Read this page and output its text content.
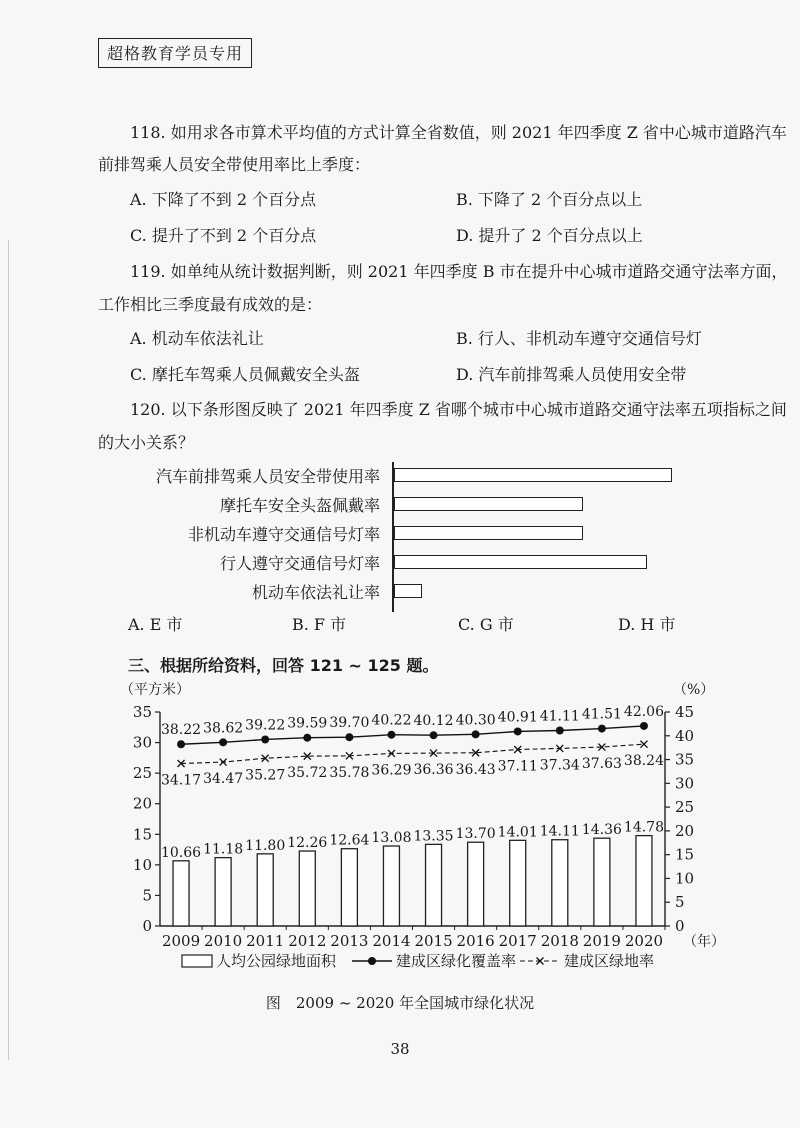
超格教育学员专用
118. 如用求各市算术平均值的方式计算全省数值，则 2021 年四季度 Z 省中心城市道路汽车
前排驾乘人员安全带使用率比上季度：
A. 下降了不到 2 个百分点	B. 下降了 2 个百分点以上
C. 提升了不到 2 个百分点	D. 提升了 2 个百分点以上
119. 如单纯从统计数据判断，则 2021 年四季度 B 市在提升中心城市道路交通守法率方面，
工作相比三季度最有成效的是：
A. 机动车依法礼让	B. 行人、非机动车遵守交通信号灯
C. 摩托车驾乘人员佩戴安全头盔	D. 汽车前排驾乘人员使用安全带
120. 以下条形图反映了 2021 年四季度 Z 省哪个城市中心城市道路交通守法率五项指标之间
的大小关系？
汽车前排驾乘人员安全带使用率
摩托车安全头盔佩戴率
非机动车遵守交通信号灯率
行人遵守交通信号灯率
机动车依法礼让率
A. E 市	B. F 市	C. G 市	D. H 市
三、根据所给资料，回答 121 ~ 125 题。
0
5
10
15
20
25
30
35
0
5
10
15
20
25
30
35
40
45
（平方米）	（%）
2009 2010 2011 2012 2013 2014 2015 2016 2017 2018 2019 2020 （年）
10.66 11.18 11.80 12.26 12.64 13.08 13.35 13.70 14.01 14.11 14.36 14.78
38.22 38.62 39.22 39.59 39.70 40.22 40.12 40.30 40.91 41.11 41.51 42.06
34.17 34.47 35.27 35.72 35.78 36.29 36.36 36.43 37.11 37.34 37.63 38.24
人均公园绿地面积	建成区绿化覆盖率	建成区绿地率
图　2009 ~ 2020 年全国城市绿化状况
38
